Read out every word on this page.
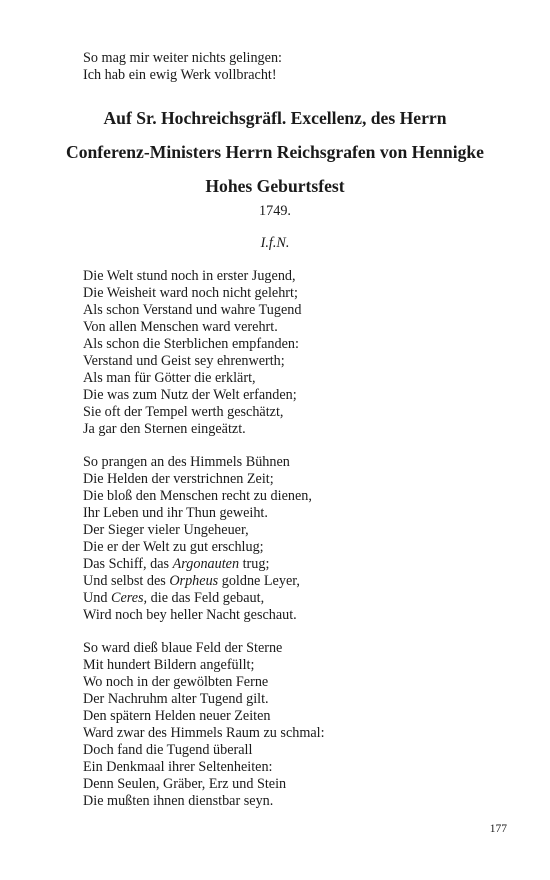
So mag mir weiter nichts gelingen:
Ich hab ein ewig Werk vollbracht!
Auf Sr. Hochreichsgräfl. Excellenz, des Herrn
Conferenz-Ministers Herrn Reichsgrafen von Hennigke
Hohes Geburtsfest
1749.
I.f.N.
Die Welt stund noch in erster Jugend,
Die Weisheit ward noch nicht gelehrt;
Als schon Verstand und wahre Tugend
Von allen Menschen ward verehrt.
Als schon die Sterblichen empfanden:
Verstand und Geist sey ehrenwerth;
Als man für Götter die erklärt,
Die was zum Nutz der Welt erfanden;
Sie oft der Tempel werth geschätzt,
Ja gar den Sternen eingeätzt.
So prangen an des Himmels Bühnen
Die Helden der verstrichnen Zeit;
Die bloß den Menschen recht zu dienen,
Ihr Leben und ihr Thun geweiht.
Der Sieger vieler Ungeheuer,
Die er der Welt zu gut erschlug;
Das Schiff, das Argonauten trug;
Und selbst des Orpheus goldne Leyer,
Und Ceres, die das Feld gebaut,
Wird noch bey heller Nacht geschaut.
So ward dieß blaue Feld der Sterne
Mit hundert Bildern angefüllt;
Wo noch in der gewölbten Ferne
Der Nachruhm alter Tugend gilt.
Den spätern Helden neuer Zeiten
Ward zwar des Himmels Raum zu schmal:
Doch fand die Tugend überall
Ein Denkmaal ihrer Seltenheiten:
Denn Seulen, Gräber, Erz und Stein
Die mußten ihnen dienstbar seyn.
177
